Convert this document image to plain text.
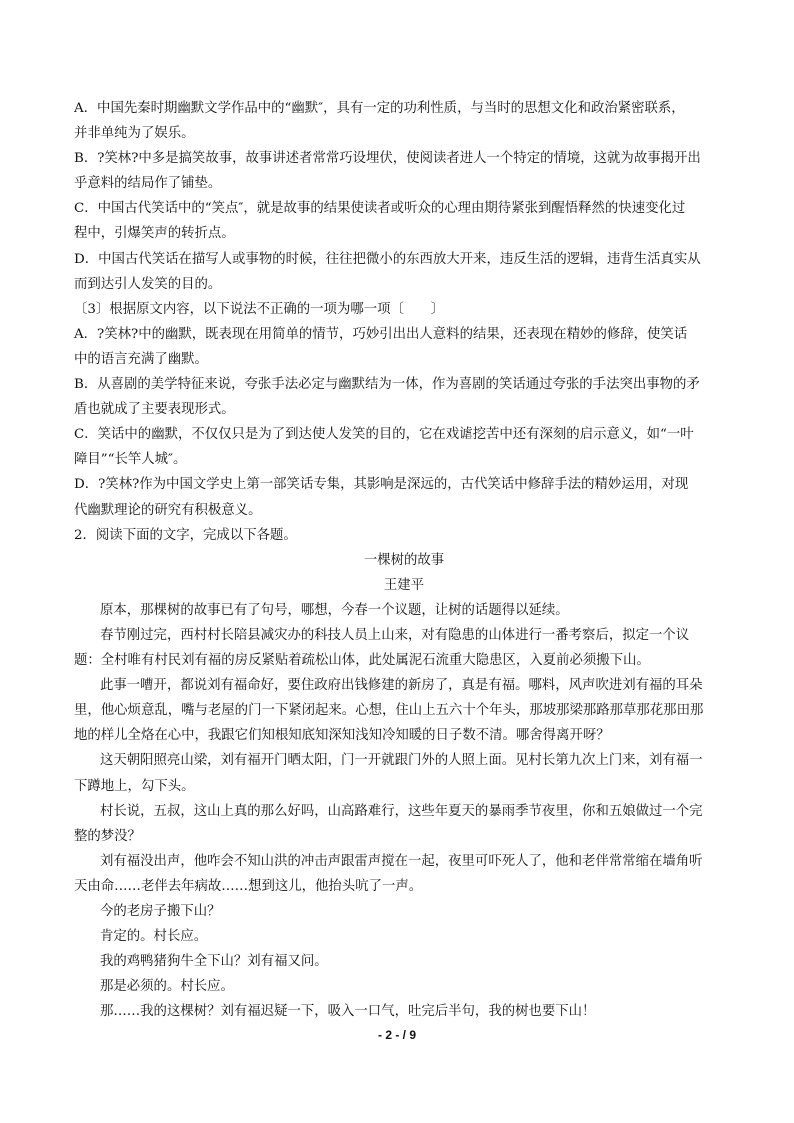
A．中国先秦时期幽默文学作品中的“幽默″，具有一定的功利性质，与当时的思想文化和政治紧密联系，
并非单纯为了娱乐。
B．?笑林?中多是搞笑故事，故事讲述者常常巧设埋伏，使阅读者进人一个特定的情境，这就为故事揭开出
乎意料的结局作了铺垫。
C．中国古代笑话中的“笑点″，就是故事的结果使读者或听众的心理由期待紧张到醒悟释然的快速变化过
程中，引爆笑声的转折点。
D．中国古代笑话在描写人或事物的时候，往往把微小的东西放大开来，违反生活的逻辑，违背生活真实从
而到达引人发笑的目的。
〔3〕根据原文内容，以下说法不正确的一项为哪一项〔　　〕
A．?笑林?中的幽默，既表现在用简单的情节，巧妙引出出人意料的结果，还表现在精妙的修辞，使笑话
中的语言充满了幽默。
B．从喜剧的美学特征来说，夸张手法必定与幽默结为一体，作为喜剧的笑话通过夸张的手法突出事物的矛
盾也就成了主要表现形式。
C．笑话中的幽默，不仅仅只是为了到达使人发笑的目的，它在戏谑挖苦中还有深刻的启示意义，如“一叶
障目”“长竿人城″。
D．?笑林?作为中国文学史上第一部笑话专集，其影响是深远的，古代笑话中修辞手法的精妙运用，对现
代幽默理论的研究有积极意义。
2．阅读下面的文字，完成以下各题。
一棵树的故事
王建平
原本，那棵树的故事已有了句号，哪想，今春一个议题，让树的话题得以延续。
春节刚过完，西村村长陪县减灾办的科技人员上山来，对有隐患的山体进行一番考察后，拟定一个议
题：全村唯有村民刘有福的房反紧贴着疏松山体，此处属泥石流重大隐患区，入夏前必须搬下山。
此事一嘈开，都说刘有福命好，要住政府出钱修建的新房了，真是有福。哪料，风声吹进刘有福的耳朵
里，他心烦意乱，嘴与老屋的门一下紧闭起来。心想，住山上五六十个年头，那坡那梁那路那草那花那田那
地的样儿全烙在心中，我跟它们知根知底知深知浅知冷知暖的日子数不清。哪舍得离开呀？
这天朝阳照亮山梁，刘有福开门晒太阳，门一开就跟门外的人照上面。见村长第九次上门来，刘有福一
下蹲地上，勾下头。
村长说，五叔，这山上真的那么好吗，山高路难行，这些年夏天的暴雨季节夜里，你和五娘做过一个完
整的梦没？
刘有福没出声，他咋会不知山洪的冲击声跟雷声搅在一起，夜里可吓死人了，他和老伴常常缩在墙角听
天由命……老伴去年病故……想到这儿，他抬头吭了一声。
今的老房子搬下山？
肯定的。村长应。
我的鸡鸭猪狗牛全下山？刘有福又问。
那是必须的。村长应。
那……我的这棵树？刘有福迟疑一下，吸入一口气，吐完后半句，我的树也要下山！
- 2 - / 9
